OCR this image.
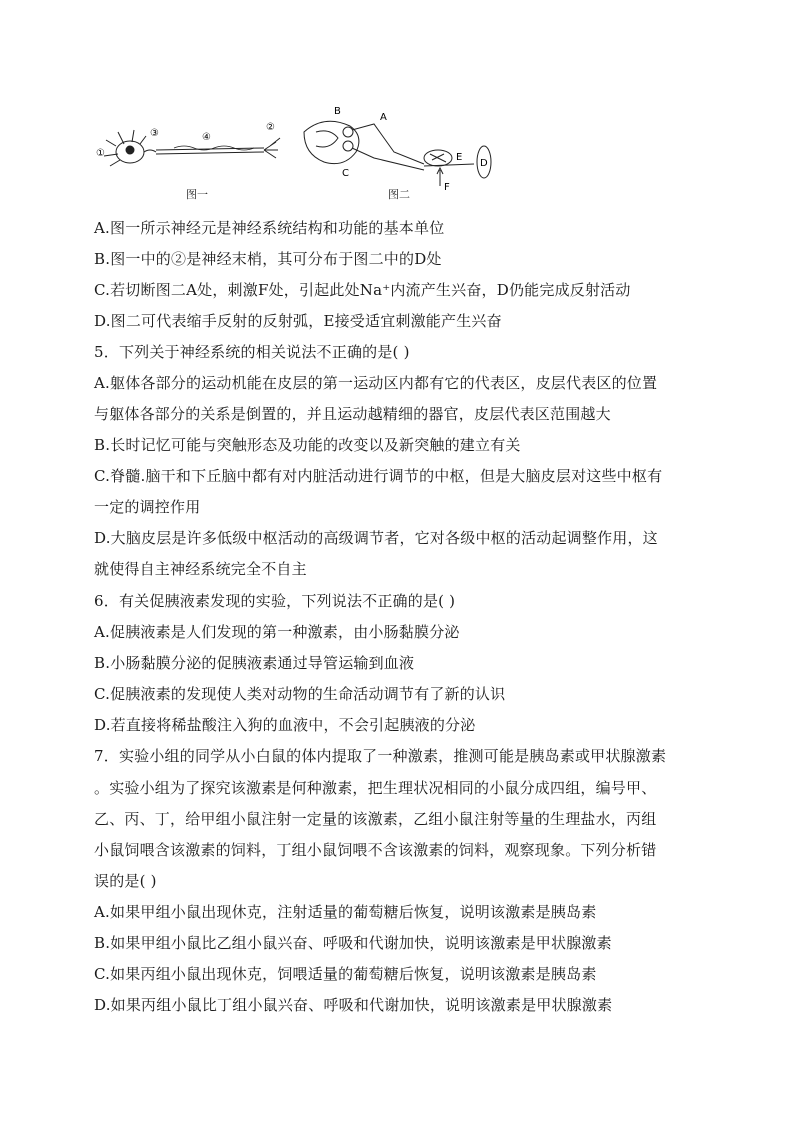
①
③	④
②
B
A
C
E
D
F
图一	图二
A.图一所示神经元是神经系统结构和功能的基本单位
B.图一中的②是神经末梢，其可分布于图二中的D处
C.若切断图二A处，刺激F处，引起此处Na⁺内流产生兴奋，D仍能完成反射活动
D.图二可代表缩手反射的反射弧，E接受适宜刺激能产生兴奋
5．下列关于神经系统的相关说法不正确的是( )
A.躯体各部分的运动机能在皮层的第一运动区内都有它的代表区，皮层代表区的位置
与躯体各部分的关系是倒置的，并且运动越精细的器官，皮层代表区范围越大
B.长时记忆可能与突触形态及功能的改变以及新突触的建立有关
C.脊髓.脑干和下丘脑中都有对内脏活动进行调节的中枢，但是大脑皮层对这些中枢有
一定的调控作用
D.大脑皮层是许多低级中枢活动的高级调节者，它对各级中枢的活动起调整作用，这
就使得自主神经系统完全不自主
6．有关促胰液素发现的实验，下列说法不正确的是( )
A.促胰液素是人们发现的第一种激素，由小肠黏膜分泌
B.小肠黏膜分泌的促胰液素通过导管运输到血液
C.促胰液素的发现使人类对动物的生命活动调节有了新的认识
D.若直接将稀盐酸注入狗的血液中，不会引起胰液的分泌
7．实验小组的同学从小白鼠的体内提取了一种激素，推测可能是胰岛素或甲状腺激素
。实验小组为了探究该激素是何种激素，把生理状况相同的小鼠分成四组，编号甲、
乙、丙、丁，给甲组小鼠注射一定量的该激素，乙组小鼠注射等量的生理盐水，丙组
小鼠饲喂含该激素的饲料，丁组小鼠饲喂不含该激素的饲料，观察现象。下列分析错
误的是( )
A.如果甲组小鼠出现休克，注射适量的葡萄糖后恢复，说明该激素是胰岛素
B.如果甲组小鼠比乙组小鼠兴奋、呼吸和代谢加快，说明该激素是甲状腺激素
C.如果丙组小鼠出现休克，饲喂适量的葡萄糖后恢复，说明该激素是胰岛素
D.如果丙组小鼠比丁组小鼠兴奋、呼吸和代谢加快，说明该激素是甲状腺激素
